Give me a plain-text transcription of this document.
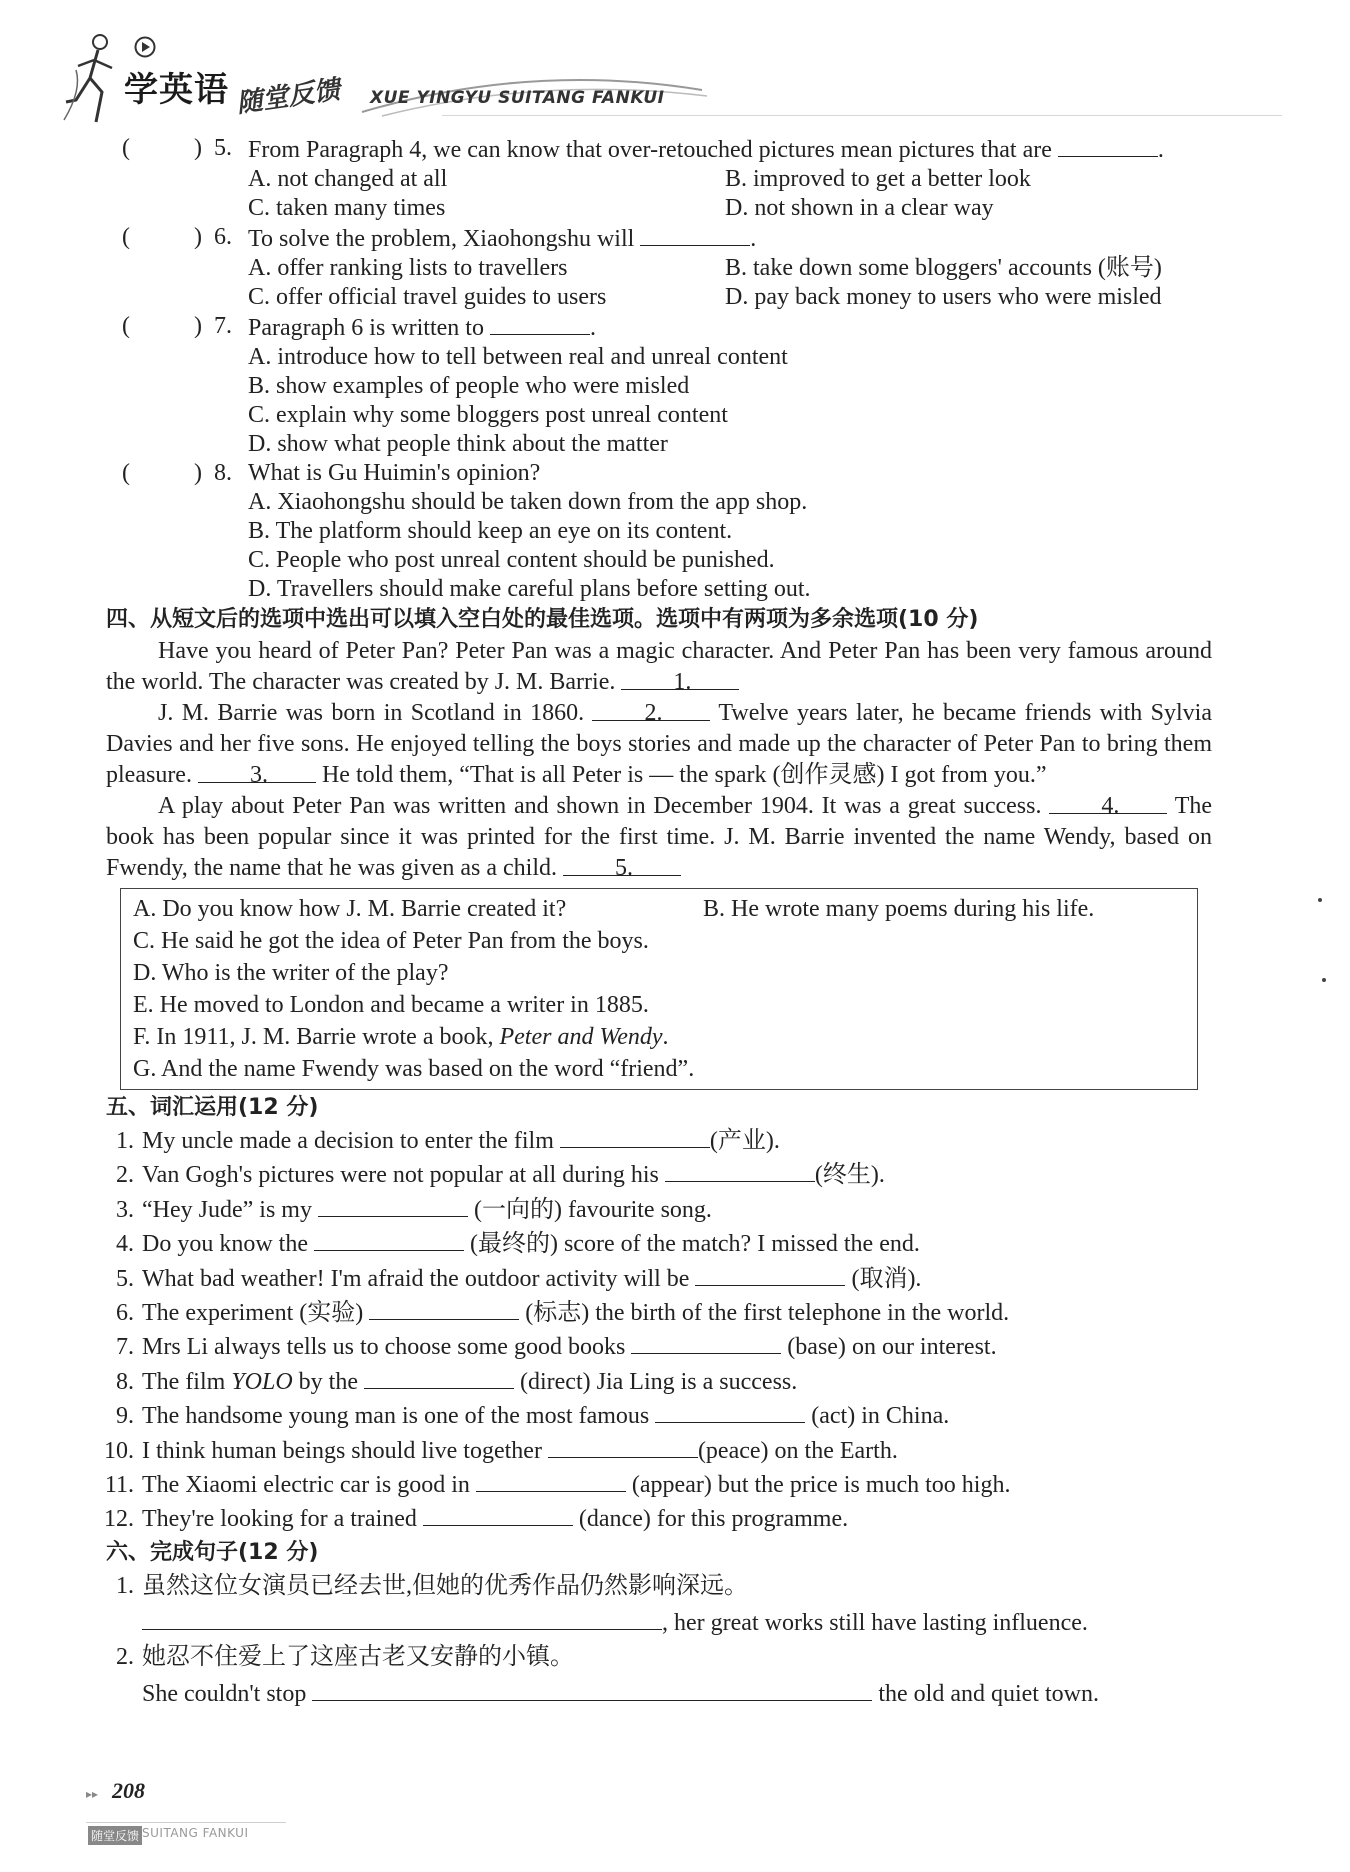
学英语 随堂反馈 XUE YINGYU SUITANG FANKUI
(	) 5. From Paragraph 4, we can know that over-retouched pictures mean pictures that are	.
A. not changed at all	B. improved to get a better look
C. taken many times	D. not shown in a clear way
(	) 6. To solve the problem, Xiaohongshu will	.
A. offer ranking lists to travellers	B. take down some bloggers' accounts (账号)
C. offer official travel guides to users	D. pay back money to users who were misled
(	) 7. Paragraph 6 is written to	.
A. introduce how to tell between real and unreal content
B. show examples of people who were misled
C. explain why some bloggers post unreal content
D. show what people think about the matter
(	) 8. What is Gu Huimin's opinion?
A. Xiaohongshu should be taken down from the app shop.
B. The platform should keep an eye on its content.
C. People who post unreal content should be punished.
D. Travellers should make careful plans before setting out.
四、从短文后的选项中选出可以填入空白处的最佳选项。选项中有两项为多余选项(10 分)
Have you heard of Peter Pan? Peter Pan was a magic character. And Peter Pan has been very famous around the world. The character was created by J. M. Barrie. 1.
J. M. Barrie was born in Scotland in 1860.	2. Twelve years later, he became friends with Sylvia Davies and her five sons. He enjoyed telling the boys stories and made up the character of Peter Pan to bring them pleasure. 3. He told them, “That is all Peter is — the spark (创作灵感) I got from you.”
A play about Peter Pan was written and shown in December 1904. It was a great success. 4. The book has been popular since it was printed for the first time. J. M. Barrie invented the name Wendy, based on Fwendy, the name that he was given as a child. 5.
A. Do you know how J. M. Barrie created it?	B. He wrote many poems during his life.
C. He said he got the idea of Peter Pan from the boys.
D. Who is the writer of the play?
E. He moved to London and became a writer in 1885.
F. In 1911, J. M. Barrie wrote a book, Peter and Wendy.
G. And the name Fwendy was based on the word “friend”.
五、词汇运用(12 分)
1. My uncle made a decision to enter the film	(产业).
2. Van Gogh's pictures were not popular at all during his	(终生).
3. “Hey Jude” is my	(一向的) favourite song.
4. Do you know the	(最终的) score of the match? I missed the end.
5. What bad weather! I'm afraid the outdoor activity will be	(取消).
6. The experiment (实验)	(标志) the birth of the first telephone in the world.
7. Mrs Li always tells us to choose some good books	(base) on our interest.
8. The film YOLO by the	(direct) Jia Ling is a success.
9. The handsome young man is one of the most famous	(act) in China.
10. I think human beings should live together	(peace) on the Earth.
11. The Xiaomi electric car is good in	(appear) but the price is much too high.
12. They're looking for a trained	(dance) for this programme.
六、完成句子(12 分)
1. 虽然这位女演员已经去世,但她的优秀作品仍然影响深远。
, her great works still have lasting influence.
2. 她忍不住爱上了这座古老又安静的小镇。
She couldn't stop	the old and quiet town.
▸▸ 208
随堂反馈 SUITANG FANKUI
